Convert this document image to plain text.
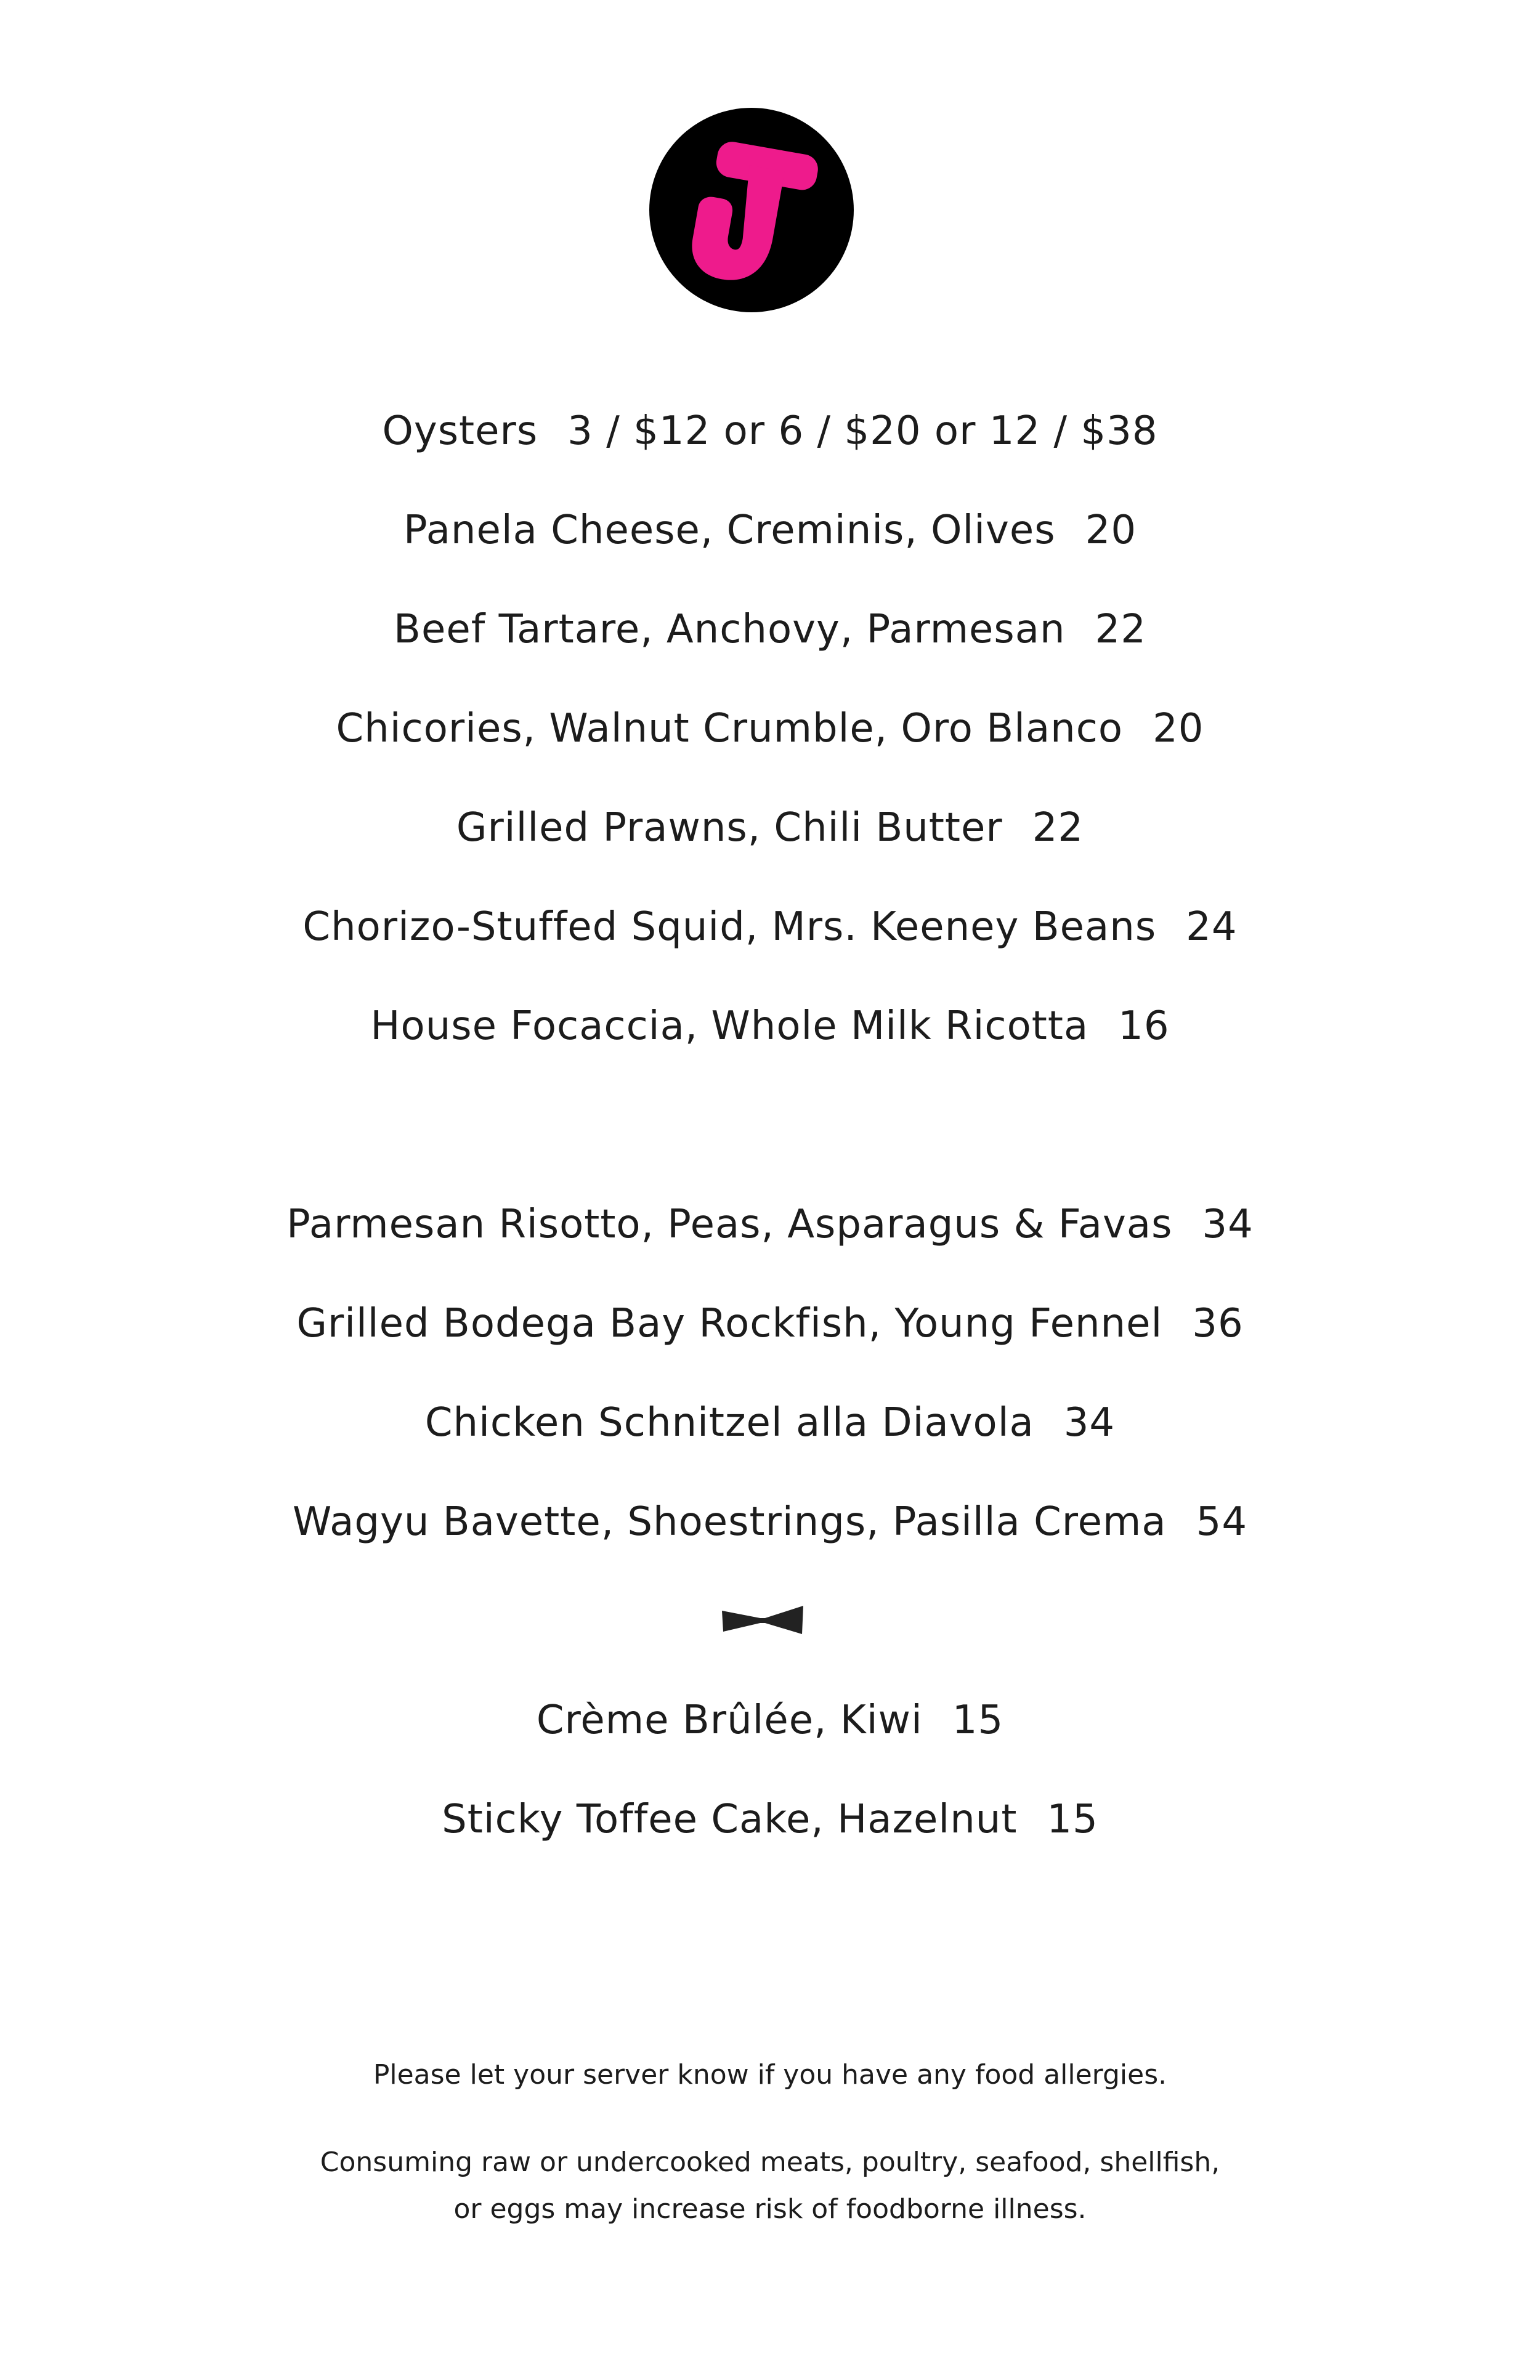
Oysters 3 / $12 or 6 / $20 or 12 / $38
Panela Cheese, Creminis, Olives 20
Beef Tartare, Anchovy, Parmesan 22
Chicories, Walnut Crumble, Oro Blanco 20
Grilled Prawns, Chili Butter 22
Chorizo-Stuffed Squid, Mrs. Keeney Beans 24
House Focaccia, Whole Milk Ricotta 16
Parmesan Risotto, Peas, Asparagus & Favas 34
Grilled Bodega Bay Rockfish, Young Fennel 36
Chicken Schnitzel alla Diavola 34
Wagyu Bavette, Shoestrings, Pasilla Crema 54
Crème Brûlée, Kiwi 15
Sticky Toffee Cake, Hazelnut 15
Please let your server know if you have any food allergies.
Consuming raw or undercooked meats, poultry, seafood, shellfish,
or eggs may increase risk of foodborne illness.
